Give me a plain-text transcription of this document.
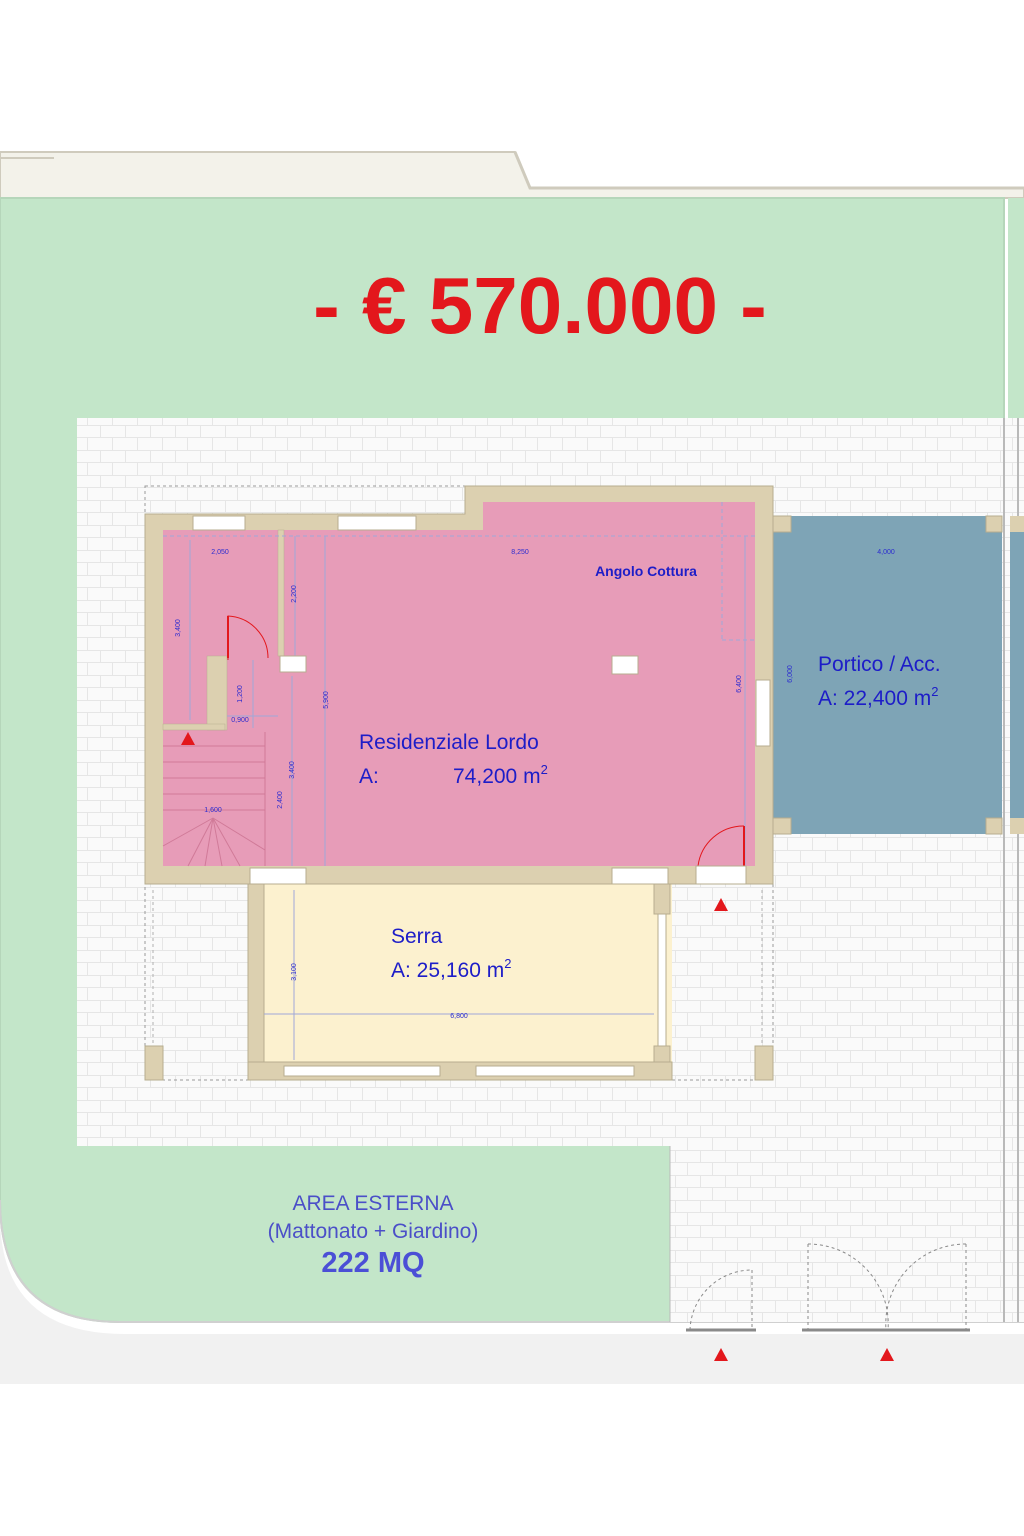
2,050	8,250	4,000
3,400
2,200
1,200
0,900
5,900
6,400
6,000
3,400
2,400
1,600
3,100
6,800
- € 570.000 -
Angolo Cottura
Residenziale Lordo
A:	74,200 $m^2$
Portico / Acc.
A: 22,400 $m^2$
Serra
A: 25,160 $m^2$
AREA ESTERNA
(Mattonato + Giardino)
222 MQ
